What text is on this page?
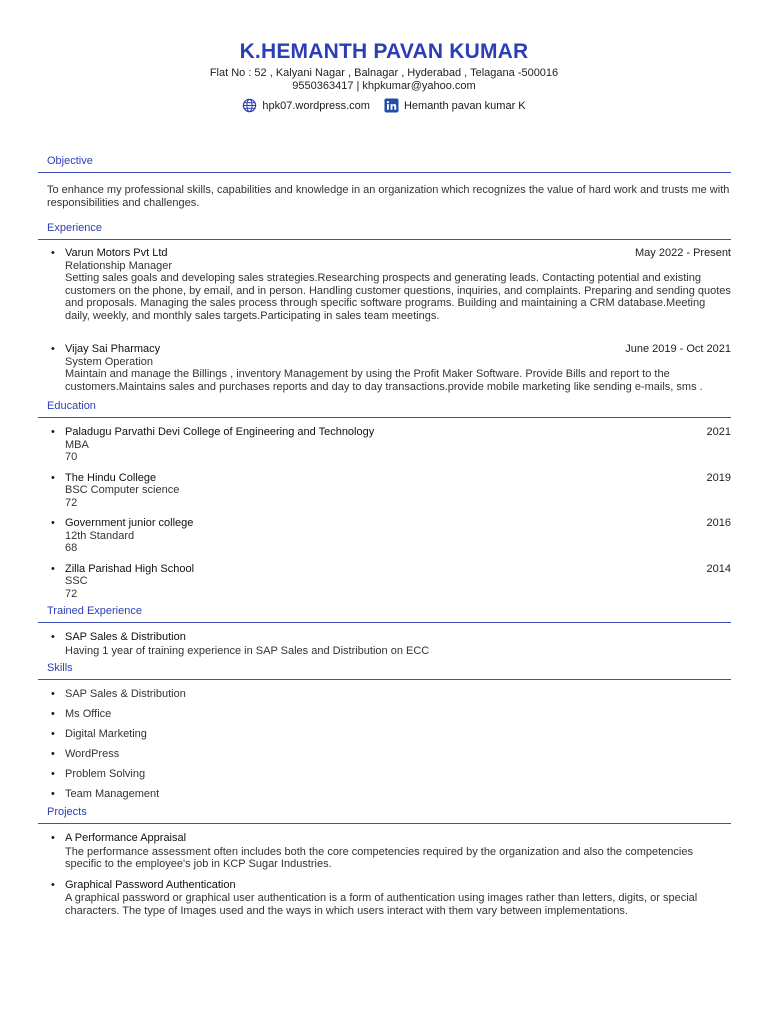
K.HEMANTH PAVAN KUMAR
Flat No : 52 , Kalyani Nagar , Balnagar , Hyderabad , Telagana -500016
9550363417 | khpkumar@yahoo.com
hpk07.wordpress.com	Hemanth pavan kumar K
Objective
To enhance my professional skills, capabilities and knowledge in an organization which recognizes the value of hard work and trusts me with responsibilities and challenges.
Experience
• Varun Motors Pvt Ltd	May 2022 - Present
Relationship Manager
Setting sales goals and developing sales strategies.Researching prospects and generating leads. Contacting potential and existing customers on the phone, by email, and in person. Handling customer questions, inquiries, and complaints. Preparing and sending quotes and proposals. Managing the sales process through specific software programs. Building and maintaining a CRM database.Meeting daily, weekly, and monthly sales targets.Participating in sales team meetings.
• Vijay Sai Pharmacy	June 2019 - Oct 2021
System Operation
Maintain and manage the Billings , inventory Management by using the Profit Maker Software. Provide Bills and report to the customers.Maintains sales and purchases reports and day to day transactions.provide mobile marketing like sending e-mails, sms .
Education
• Paladugu Parvathi Devi College of Engineering and Technology	2021
MBA
70
• The Hindu College	2019
BSC Computer science
72
• Government junior college	2016
12th Standard
68
• Zilla Parishad High School	2014
SSC
72
Trained Experience
• SAP Sales & Distribution
Having 1 year of training experience in SAP Sales and Distribution on ECC
Skills
• SAP Sales & Distribution
• Ms Office
• Digital Marketing
• WordPress
• Problem Solving
• Team Management
Projects
• A Performance Appraisal
The performance assessment often includes both the core competencies required by the organization and also the competencies specific to the employee's job in KCP Sugar Industries.
• Graphical Password Authentication
A graphical password or graphical user authentication is a form of authentication using images rather than letters, digits, or special characters. The type of Images used and the ways in which users interact with them vary between implementations.
